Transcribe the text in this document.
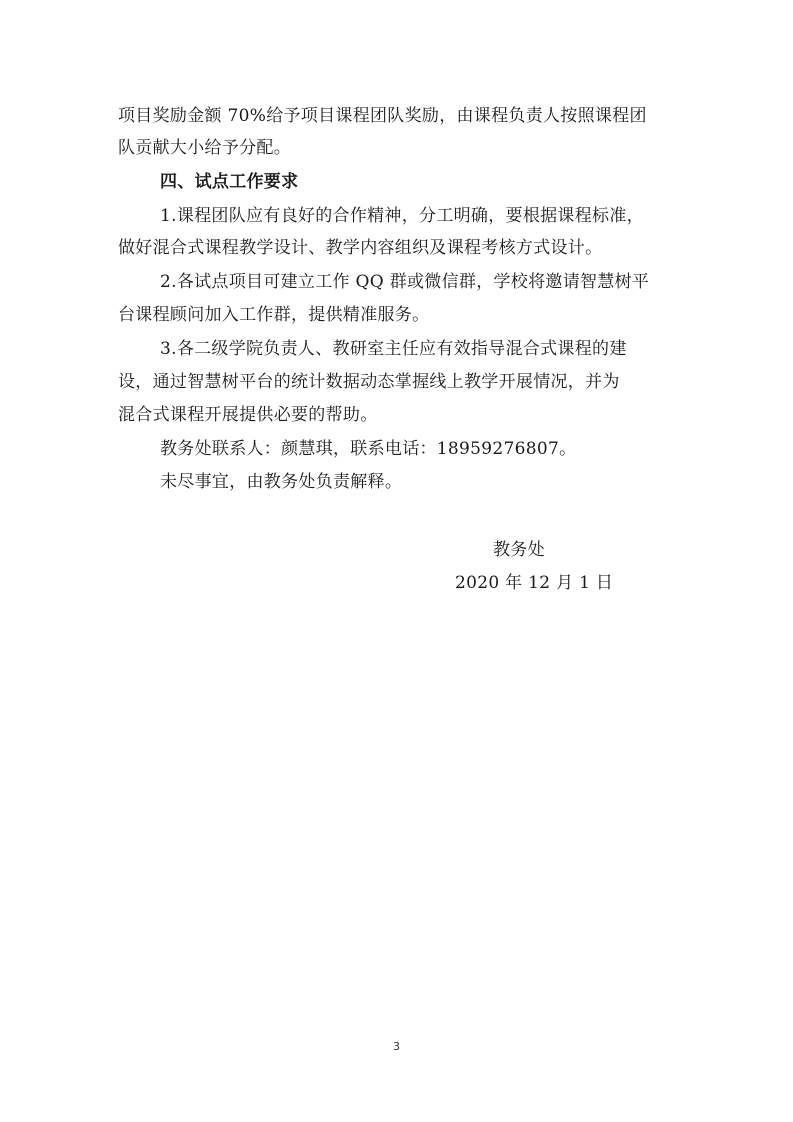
项目奖励金额 70%给予项目课程团队奖励，由课程负责人按照课程团
队贡献大小给予分配。
四、试点工作要求
1.课程团队应有良好的合作精神，分工明确，要根据课程标准，
做好混合式课程教学设计、教学内容组织及课程考核方式设计。
2.各试点项目可建立工作 QQ 群或微信群，学校将邀请智慧树平
台课程顾问加入工作群，提供精准服务。
3.各二级学院负责人、教研室主任应有效指导混合式课程的建
设，通过智慧树平台的统计数据动态掌握线上教学开展情况，并为
混合式课程开展提供必要的帮助。
教务处联系人：颜慧琪，联系电话：18959276807。
未尽事宜，由教务处负责解释。
教务处
2020 年 12 月 1 日
3
